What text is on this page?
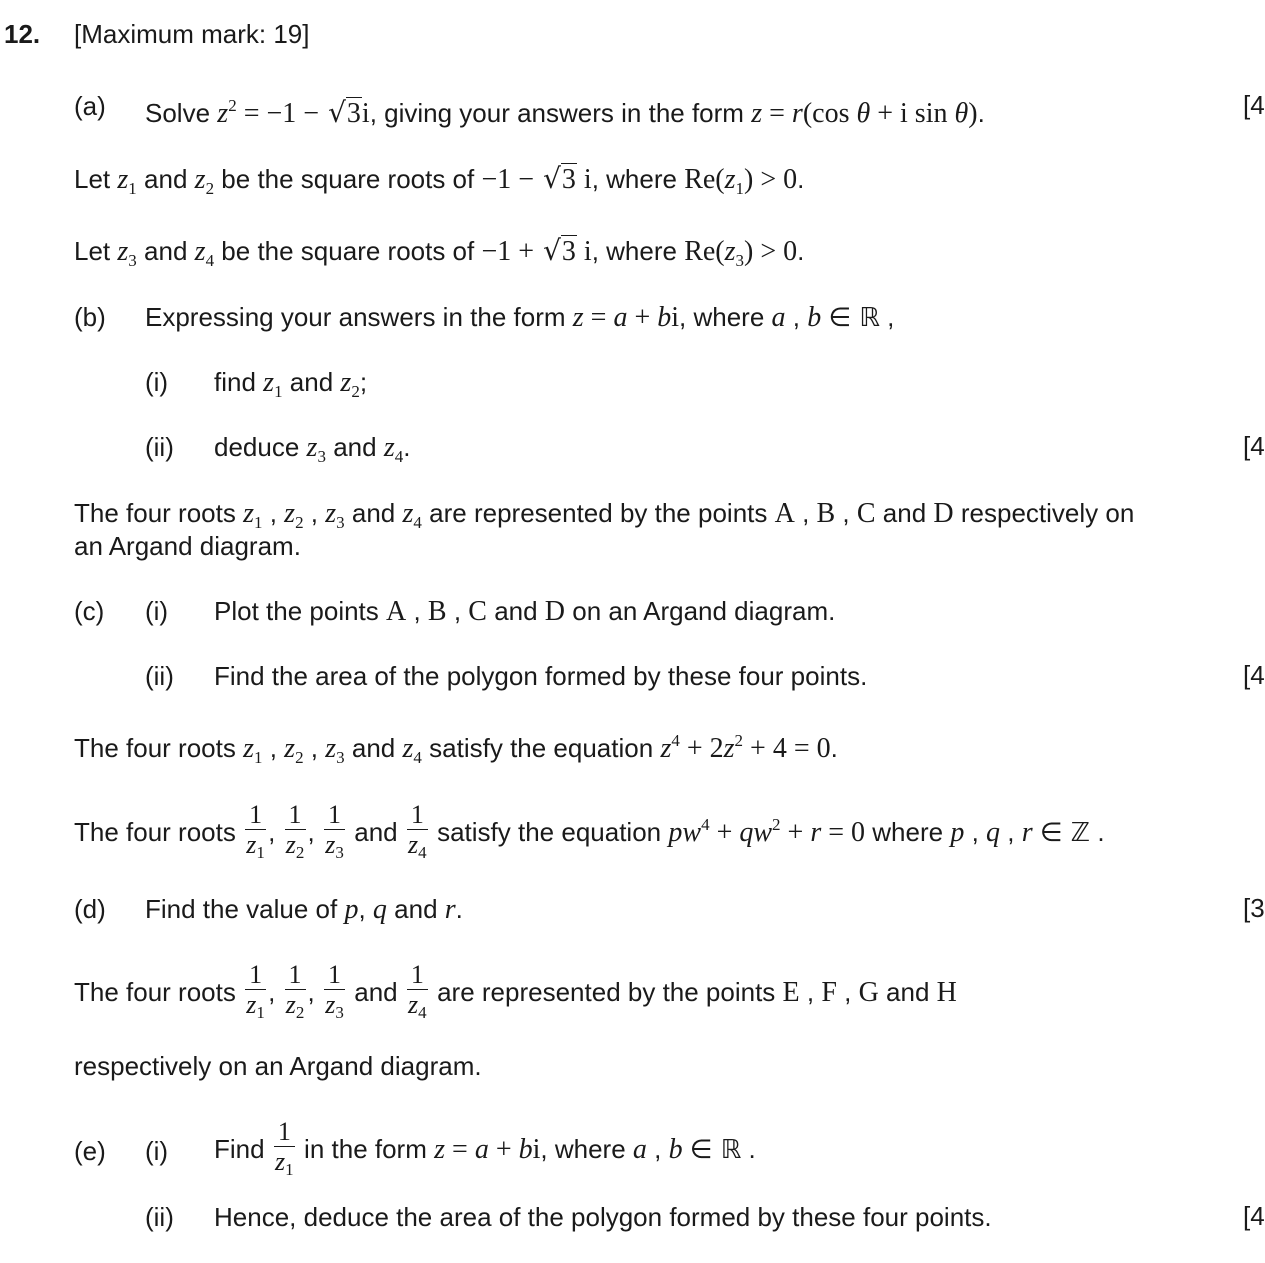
12. [Maximum mark: 19]
(a) Solve $z^2 = -1 - √3i$, giving your answers in the form z = r(cos θ + i sin θ).	[4
Let $z_1$ and $z_2$ be the square roots of −1 − √3 i, where $Re(z_1) > 0$.
Let $z_3$ and $z_4$ be the square roots of −1 + √3 i, where $Re(z_3) > 0$.
(b) Expressing your answers in the form z = a + bi, where a , b ∈ ℝ ,
(i) find $z_1$ and $z_2$;
(ii) deduce $z_3$ and $z_4$.	[4
The four roots $z_1$ , $z_2$ , $z_3$ and $z_4$ are represented by the points A , B , C and D respectively on
an Argand diagram.
(c) (i) Plot the points A , B , C and D on an Argand diagram.
(ii) Find the area of the polygon formed by these four points.	[4
The four roots $z_1$ , $z_2$ , $z_3$ and $z_4$ satisfy the equation $z^4 + 2z^2 + 4 = 0$.
The four roots $\frac{1}{z_1}$ , $\frac{1}{z_2}$ , $\frac{1}{z_3}$ and $\frac{1}{z_4}$ satisfy the equation $pw^4 + qw^2 + r = 0$ where p , q , r ∈ ℤ .
(d) Find the value of p, q and r.	[3
The four roots $\frac{1}{z_1}$ , $\frac{1}{z_2}$ , $\frac{1}{z_3}$ and $\frac{1}{z_4}$ are represented by the points E , F , G and H
respectively on an Argand diagram.
(e) (i) Find $\frac{1}{z_1}$ in the form z = a + bi, where a , b ∈ ℝ .
(ii) Hence, deduce the area of the polygon formed by these four points.	[4
